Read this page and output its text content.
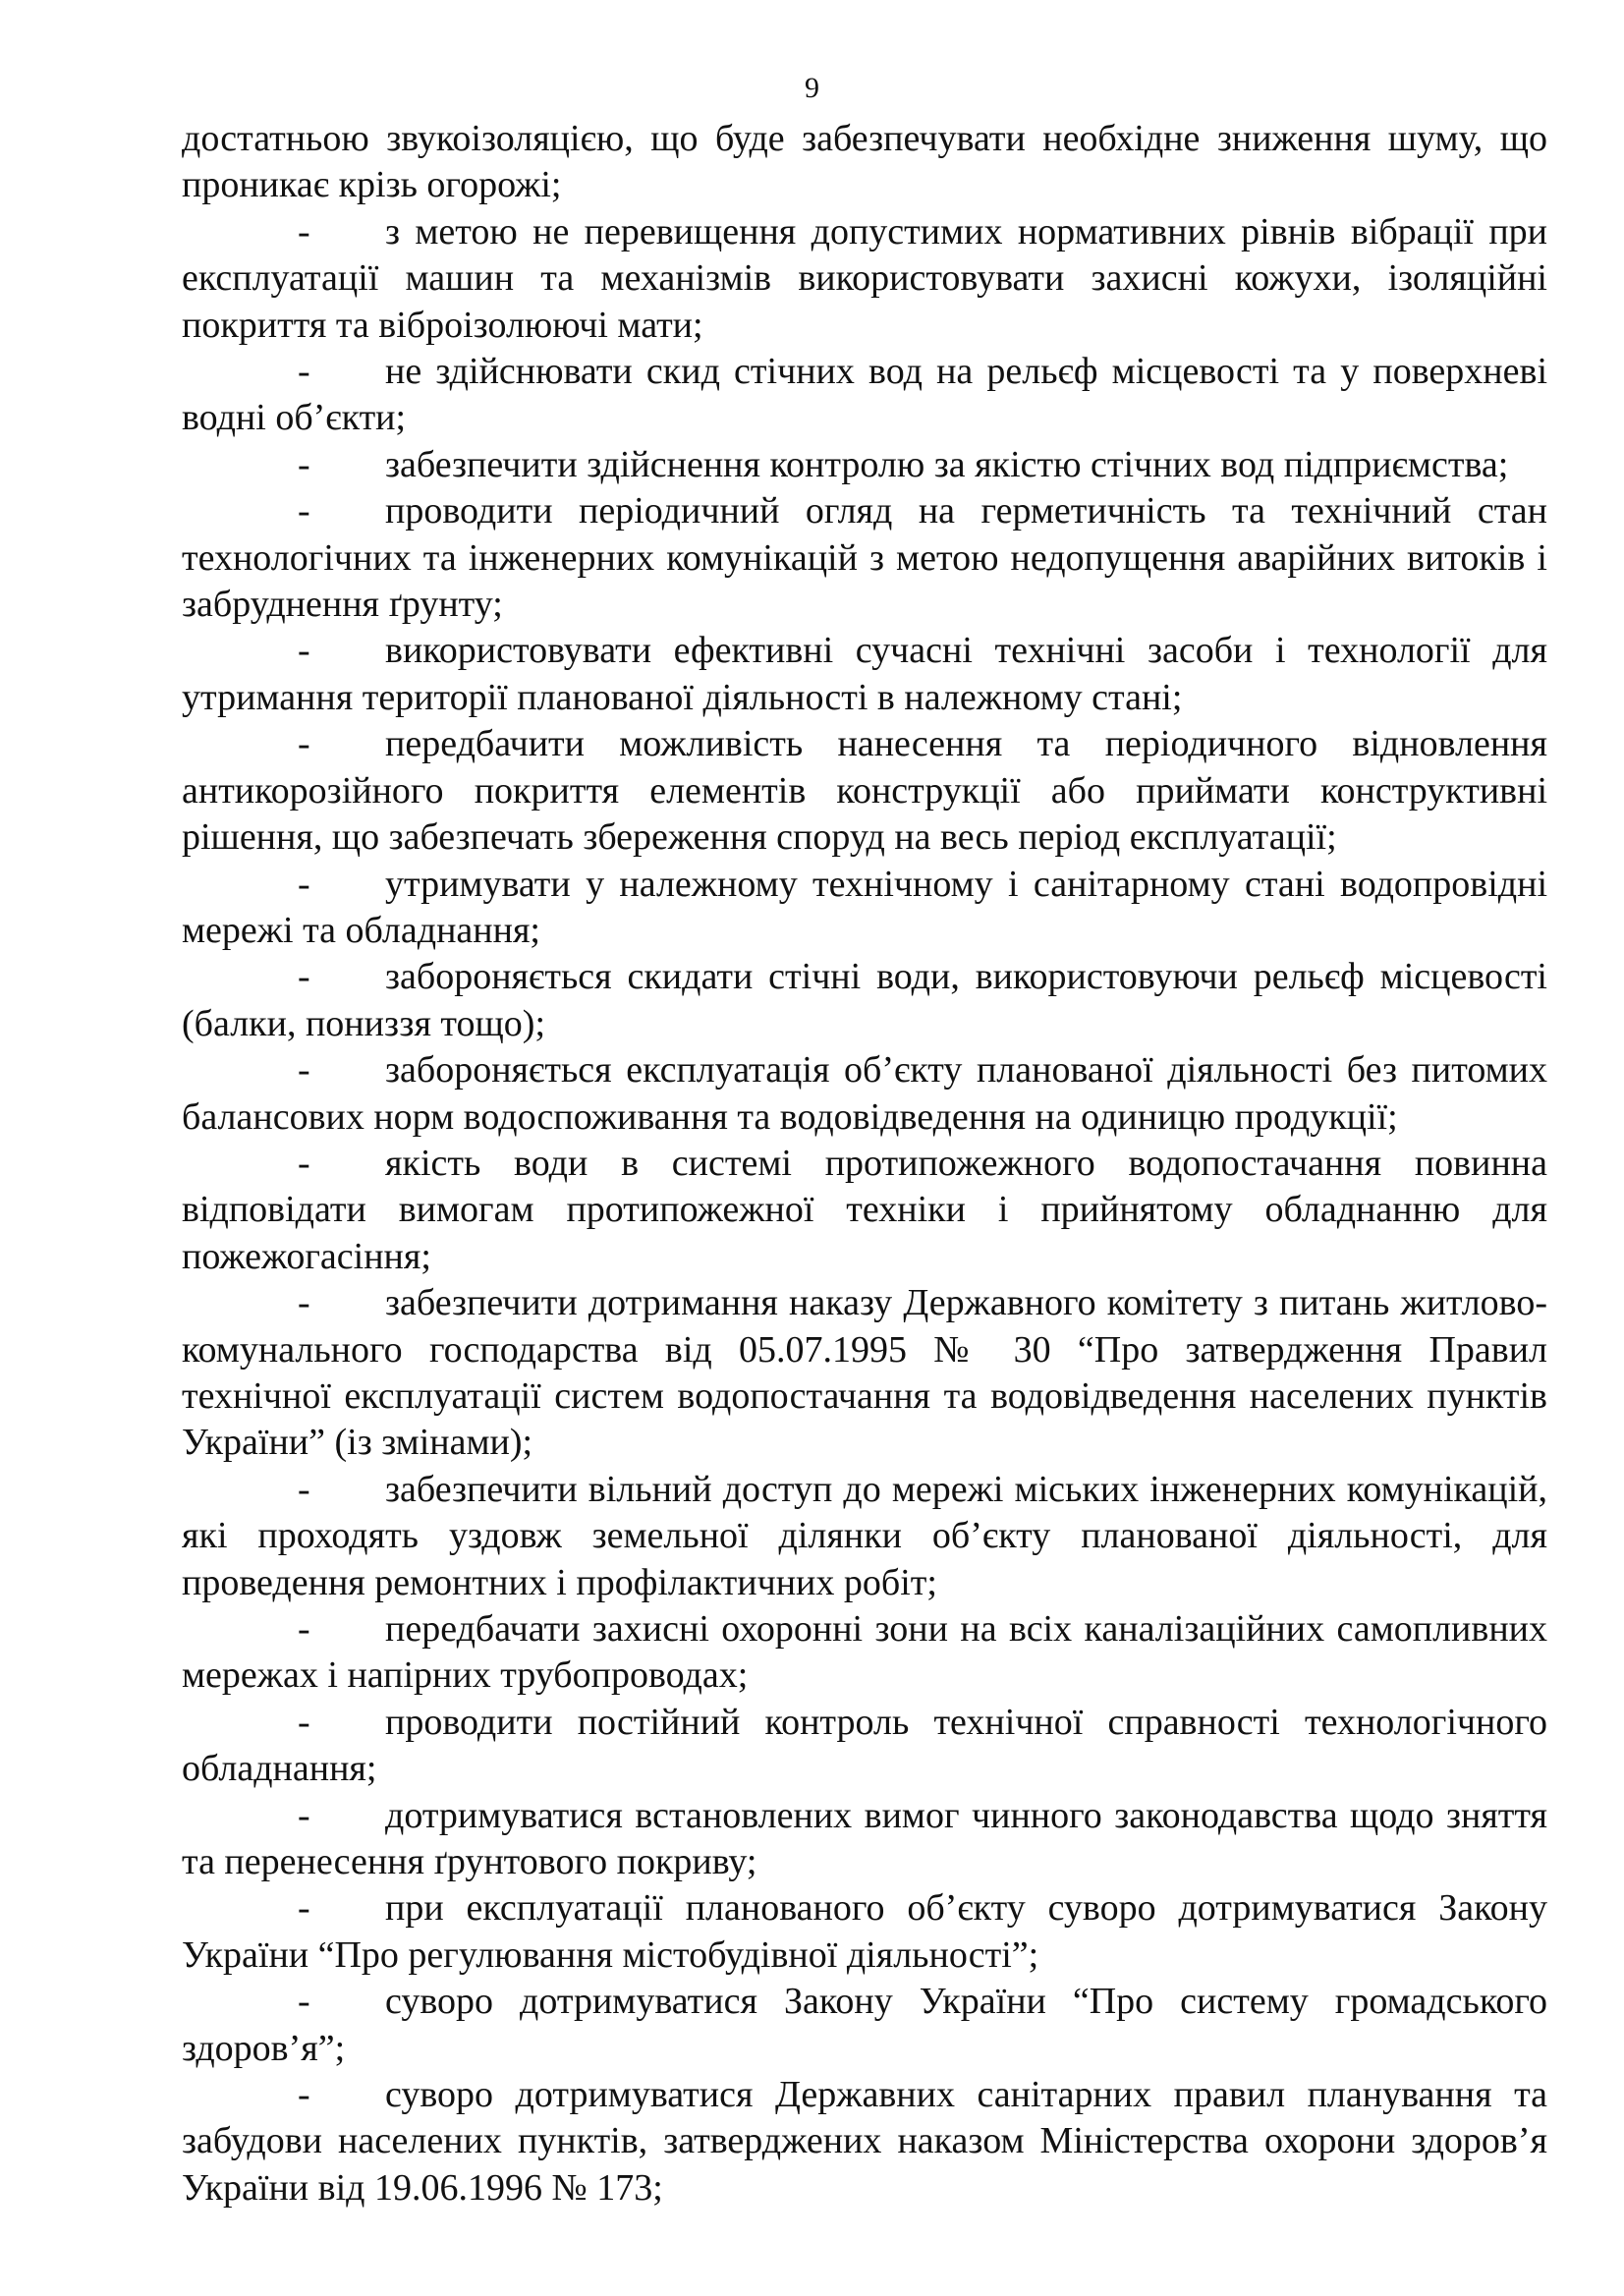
9

достатньою звукоізоляцією, що буде забезпечувати необхідне зниження шуму, що проникає крізь огорожі;

- з метою не перевищення допустимих нормативних рівнів вібрації при експлуатації машин та механізмів використовувати захисні кожухи, ізоляційні покриття та віброізолюючі мати;

- не здійснювати скид стічних вод на рельєф місцевості та у поверхневі водні об’єкти;

- забезпечити здійснення контролю за якістю стічних вод підприємства;

- проводити періодичний огляд на герметичність та технічний стан технологічних та інженерних комунікацій з метою недопущення аварійних витоків і забруднення ґрунту;

- використовувати ефективні сучасні технічні засоби і технології для утримання території планованої діяльності в належному стані;

- передбачити можливість нанесення та періодичного відновлення антикорозійного покриття елементів конструкції або приймати конструктивні рішення, що забезпечать збереження споруд на весь період експлуатації;

- утримувати у належному технічному і санітарному стані водопровідні мережі та обладнання;

- забороняється скидати стічні води, використовуючи рельєф місцевості (балки, пониззя тощо);

- забороняється експлуатація об’єкту планованої діяльності без питомих балансових норм водоспоживання та водовідведення на одиницю продукції;

- якість води в системі протипожежного водопостачання повинна відповідати вимогам протипожежної техніки і прийнятому обладнанню для пожежогасіння;

- забезпечити дотримання наказу Державного комітету з питань житлово-комунального господарства від 05.07.1995 № 30 “Про затвердження Правил технічної експлуатації систем водопостачання та водовідведення населених пунктів України” (із змінами);

- забезпечити вільний доступ до мережі міських інженерних комунікацій, які проходять уздовж земельної ділянки об’єкту планованої діяльності, для проведення ремонтних і профілактичних робіт;

- передбачати захисні охоронні зони на всіх каналізаційних самопливних мережах і напірних трубопроводах;

- проводити постійний контроль технічної справності технологічного обладнання;

- дотримуватися встановлених вимог чинного законодавства щодо зняття та перенесення ґрунтового покриву;

- при експлуатації планованого об’єкту суворо дотримуватися Закону України “Про регулювання містобудівної діяльності”;

- суворо дотримуватися Закону України “Про систему громадського здоров’я”;

- суворо дотримуватися Державних санітарних правил планування та забудови населених пунктів, затверджених наказом Міністерства охорони здоров’я України від 19.06.1996 № 173;
